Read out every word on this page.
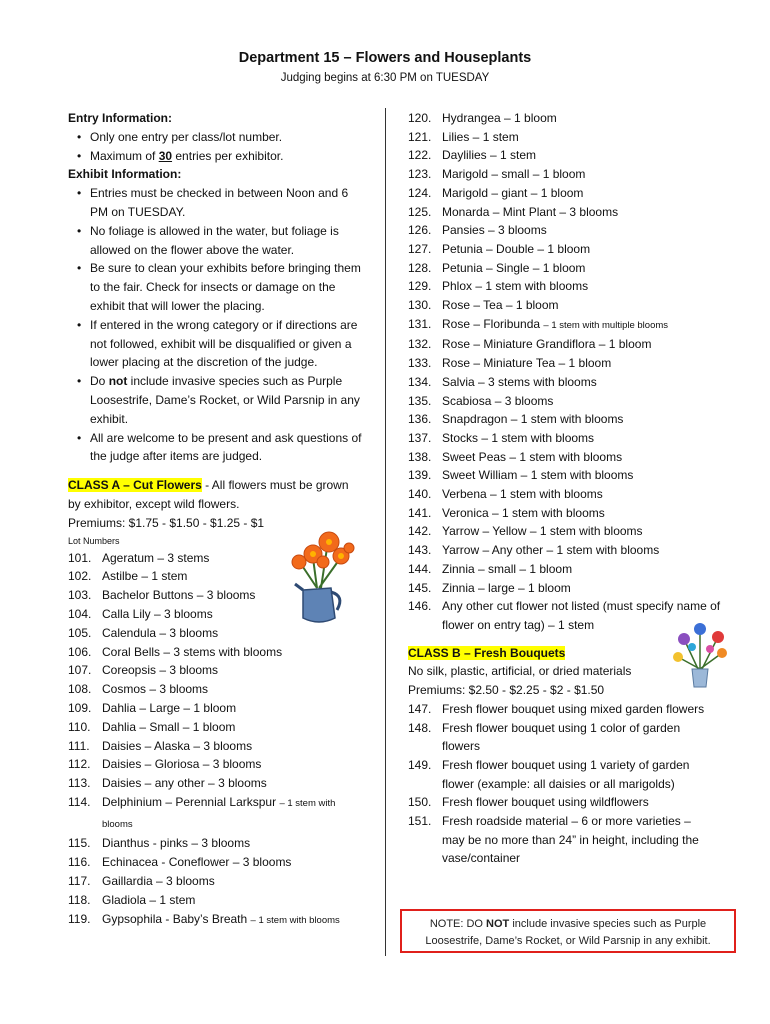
Department 15 – Flowers and Houseplants
Judging begins at 6:30 PM on TUESDAY
Entry Information:
• Only one entry per class/lot number.
• Maximum of 30 entries per exhibitor.
Exhibit Information:
• Entries must be checked in between Noon and 6 PM on TUESDAY.
• No foliage is allowed in the water, but foliage is allowed on the flower above the water.
• Be sure to clean your exhibits before bringing them to the fair. Check for insects or damage on the exhibit that will lower the placing.
• If entered in the wrong category or if directions are not followed, exhibit will be disqualified or given a lower placing at the discretion of the judge.
• Do not include invasive species such as Purple Loosestrife, Dame’s Rocket, or Wild Parsnip in any exhibit.
• All are welcome to be present and ask questions of the judge after items are judged.
CLASS A – Cut Flowers - All flowers must be grown by exhibitor, except wild flowers.
Premiums: $1.75 - $1.50 - $1.25 - $1
Lot Numbers
101. Ageratum – 3 stems
102. Astilbe – 1 stem
103. Bachelor Buttons – 3 blooms
104. Calla Lily – 3 blooms
105. Calendula – 3 blooms
106. Coral Bells – 3 stems with blooms
107. Coreopsis – 3 blooms
108. Cosmos – 3 blooms
109. Dahlia – Large – 1 bloom
110. Dahlia – Small – 1 bloom
111.	Daisies – Alaska – 3 blooms
112. Daisies – Gloriosa – 3 blooms
113. Daisies – any other – 3 blooms
114. Delphinium – Perennial Larkspur – 1 stem with blooms
115. Dianthus - pinks – 3 blooms
116. Echinacea - Coneflower – 3 blooms
117. Gaillardia – 3 blooms
118. Gladiola – 1 stem
119. Gypsophila - Baby’s Breath – 1 stem with blooms
120. Hydrangea – 1 bloom
121. Lilies – 1 stem
122. Daylilies – 1 stem
123. Marigold – small – 1 bloom
124. Marigold – giant – 1 bloom
125. Monarda – Mint Plant – 3 blooms
126. Pansies – 3 blooms
127. Petunia – Double – 1 bloom
128. Petunia – Single – 1 bloom
129. Phlox – 1 stem with blooms
130. Rose – Tea – 1 bloom
131. Rose – Floribunda – 1 stem with multiple blooms
132. Rose – Miniature Grandiflora – 1 bloom
133. Rose – Miniature Tea – 1 bloom
134. Salvia – 3 stems with blooms
135. Scabiosa – 3 blooms
136. Snapdragon – 1 stem with blooms
137. Stocks – 1 stem with blooms
138. Sweet Peas – 1 stem with blooms
139. Sweet William – 1 stem with blooms
140. Verbena – 1 stem with blooms
141. Veronica – 1 stem with blooms
142. Yarrow – Yellow – 1 stem with blooms
143. Yarrow – Any other – 1 stem with blooms
144. Zinnia – small – 1 bloom
145. Zinnia – large – 1 bloom
146. Any other cut flower not listed (must specify name of flower on entry tag) – 1 stem
CLASS B – Fresh Bouquets
No silk, plastic, artificial, or dried materials
Premiums: $2.50 - $2.25 - $2 - $1.50
147. Fresh flower bouquet using mixed garden flowers
148. Fresh flower bouquet using 1 color of garden flowers
149. Fresh flower bouquet using 1 variety of garden flower (example: all daisies or all marigolds)
150. Fresh flower bouquet using wildflowers
151. Fresh roadside material – 6 or more varieties – may be no more than 24” in height, including the vase/container
NOTE: DO NOT include invasive species such as Purple Loosestrife, Dame’s Rocket, or Wild Parsnip in any exhibit.
